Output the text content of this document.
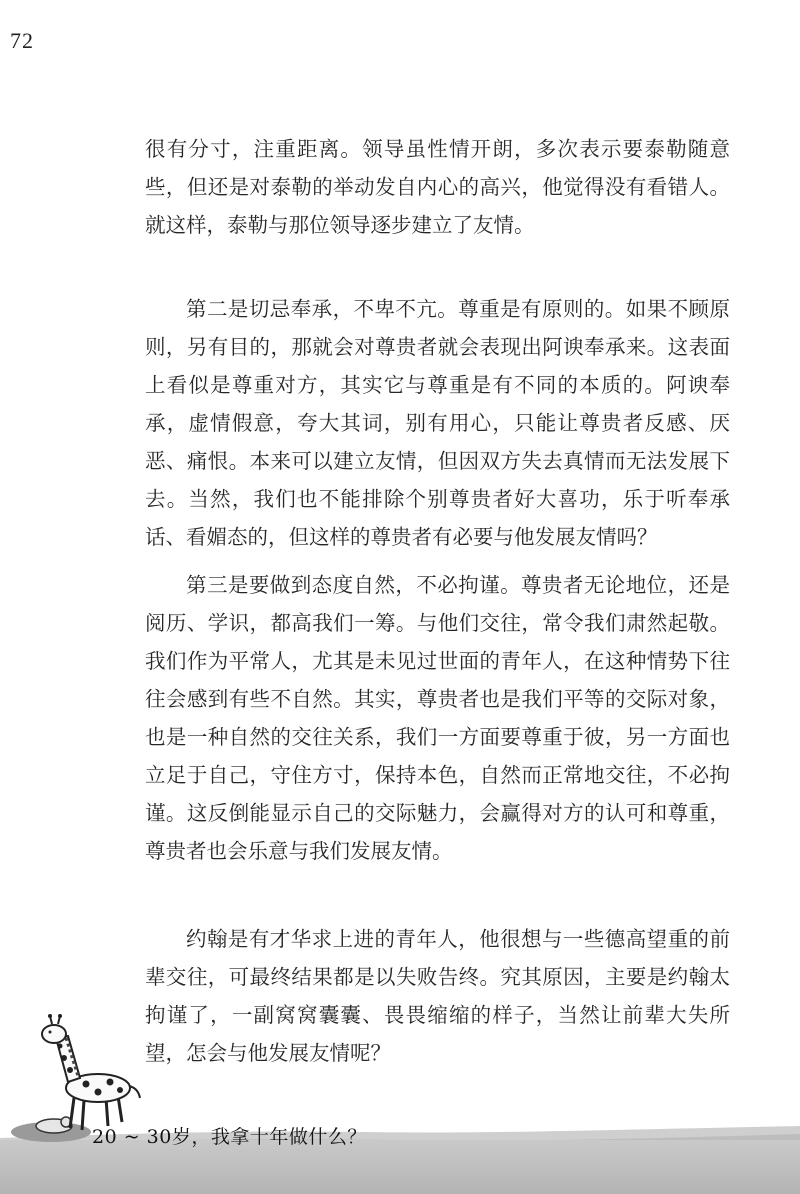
72

很有分寸，注重距离。领导虽性情开朗，多次表示要泰勒随意些，但还是对泰勒的举动发自内心的高兴，他觉得没有看错人。就这样，泰勒与那位领导逐步建立了友情。

第二是切忌奉承，不卑不亢。尊重是有原则的。如果不顾原则，另有目的，那就会对尊贵者就会表现出阿谀奉承来。这表面上看似是尊重对方，其实它与尊重是有不同的本质的。阿谀奉承，虚情假意，夸大其词，别有用心，只能让尊贵者反感、厌恶、痛恨。本来可以建立友情，但因双方失去真情而无法发展下去。当然，我们也不能排除个别尊贵者好大喜功，乐于听奉承话、看媚态的，但这样的尊贵者有必要与他发展友情吗？

第三是要做到态度自然，不必拘谨。尊贵者无论地位，还是阅历、学识，都高我们一筹。与他们交往，常令我们肃然起敬。我们作为平常人，尤其是未见过世面的青年人，在这种情势下往往会感到有些不自然。其实，尊贵者也是我们平等的交际对象，也是一种自然的交往关系，我们一方面要尊重于彼，另一方面也立足于自己，守住方寸，保持本色，自然而正常地交往，不必拘谨。这反倒能显示自己的交际魅力，会赢得对方的认可和尊重，尊贵者也会乐意与我们发展友情。

约翰是有才华求上进的青年人，他很想与一些德高望重的前辈交往，可最终结果都是以失败告终。究其原因，主要是约翰太拘谨了，一副窝窝囊囊、畏畏缩缩的样子，当然让前辈大失所望，怎会与他发展友情呢？

20 ~ 30岁，我拿十年做什么？
